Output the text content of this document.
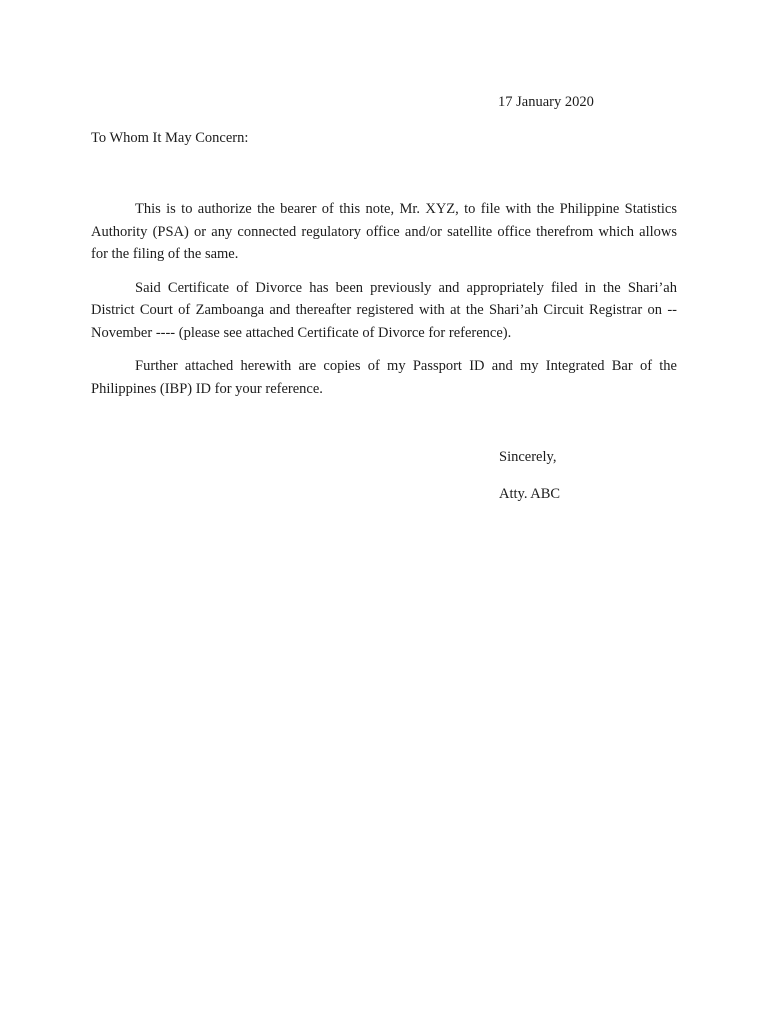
17 January 2020
To Whom It May Concern:

This is to authorize the bearer of this note, Mr. XYZ, to file with the Philippine Statistics Authority (PSA) or any connected regulatory office and/or satellite office therefrom which allows for the filing of the same.

Said Certificate of Divorce has been previously and appropriately filed in the Shari’ah District Court of Zamboanga and thereafter registered with at the Shari’ah Circuit Registrar on -- November ---- (please see attached Certificate of Divorce for reference).

Further attached herewith are copies of my Passport ID and my Integrated Bar of the Philippines (IBP) ID for your reference.

Sincerely,
Atty. ABC
